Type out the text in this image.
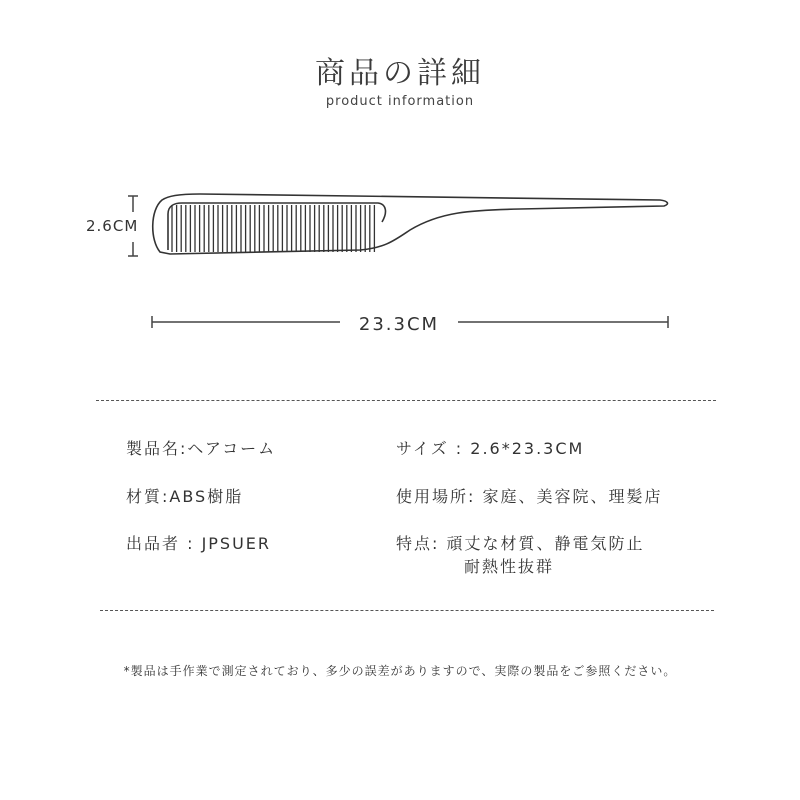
商品の詳細
product information
2.6CM
23.3CM
製品名:ヘアコーム
材質:ABS樹脂
出品者 : JPSUER
サイズ : 2.6*23.3CM
使用場所: 家庭、美容院、理髪店
特点: 頑丈な材質、静電気防止
耐熱性抜群
*製品は手作業で測定されており、多少の誤差がありますので、実際の製品をご参照ください。
